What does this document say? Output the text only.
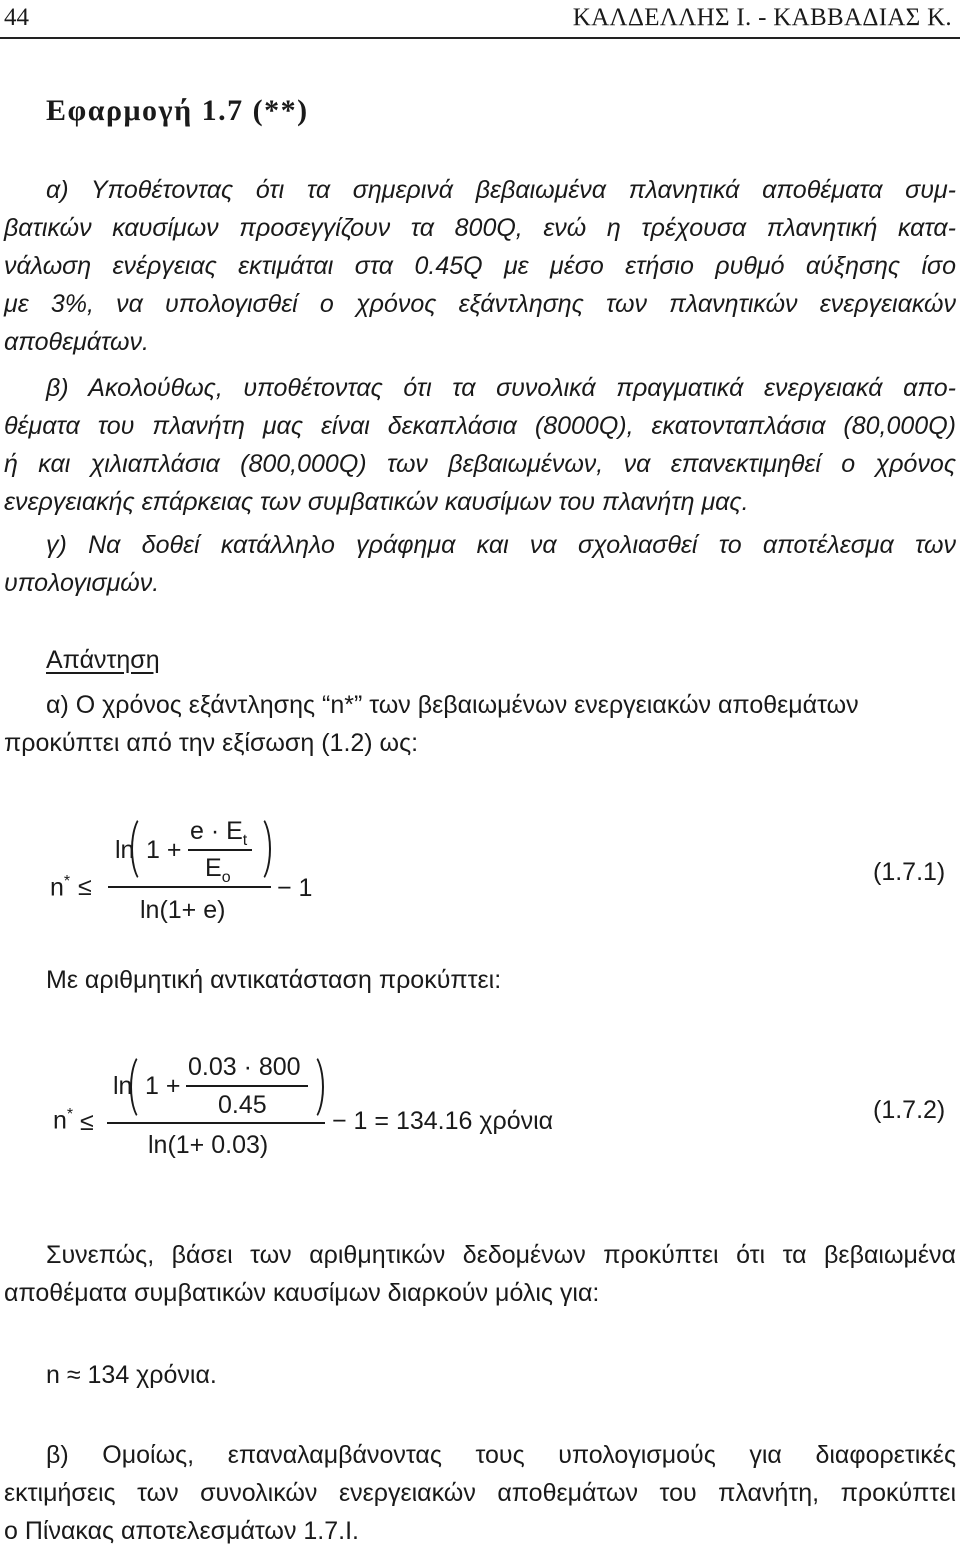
44	ΚΑΛΔΕΛΛΗΣ Ι. - ΚΑΒΒΑΔΙΑΣ Κ.
Εφαρμογή 1.7 (**)
α) Υποθέτοντας ότι τα σημερινά βεβαιωμένα πλανητικά αποθέματα συμ-
βατικών καυσίμων προσεγγίζουν τα 800Q, ενώ η τρέχουσα πλανητική κατα-
νάλωση ενέργειας εκτιμάται στα 0.45Q με μέσο ετήσιο ρυθμό αύξησης ίσο
με 3%, να υπολογισθεί ο χρόνος εξάντλησης των πλανητικών ενεργειακών
αποθεμάτων.
β) Ακολούθως, υποθέτοντας ότι τα συνολικά πραγματικά ενεργειακά απο-
θέματα του πλανήτη μας είναι δεκαπλάσια (8000Q), εκατονταπλάσια (80,000Q)
ή και χιλιαπλάσια (800,000Q) των βεβαιωμένων, να επανεκτιμηθεί ο χρόνος
ενεργειακής επάρκειας των συμβατικών καυσίμων του πλανήτη μας.
γ) Να δοθεί κατάλληλο γράφημα και να σχολιασθεί το αποτέλεσμα των
υπολογισμών.
Απάντηση
α) Ο χρόνος εξάντλησης “n*” των βεβαιωμένων ενεργειακών αποθεμάτων
προκύπτει από την εξίσωση (1.2) ως:
n* ≤
ln 1 +
$e \cdot E_t$
$E_o$
ln(1+ e)
− 1
(1.7.1)
Με αριθμητική αντικατάσταση προκύπτει:
n* ≤
ln 1 +
0.03 · 800
0.45
ln(1+ 0.03)
− 1 = 134.16 χρόνια	(1.7.2)
Συνεπώς, βάσει των αριθμητικών δεδομένων προκύπτει ότι τα βεβαιωμένα
αποθέματα συμβατικών καυσίμων διαρκούν μόλις για:
n ≈ 134 χρόνια.
β) Ομοίως, επαναλαμβάνοντας τους υπολογισμούς για διαφορετικές
εκτιμήσεις των συνολικών ενεργειακών αποθεμάτων του πλανήτη, προκύπτει
ο Πίνακας αποτελεσμάτων 1.7.Ι.
